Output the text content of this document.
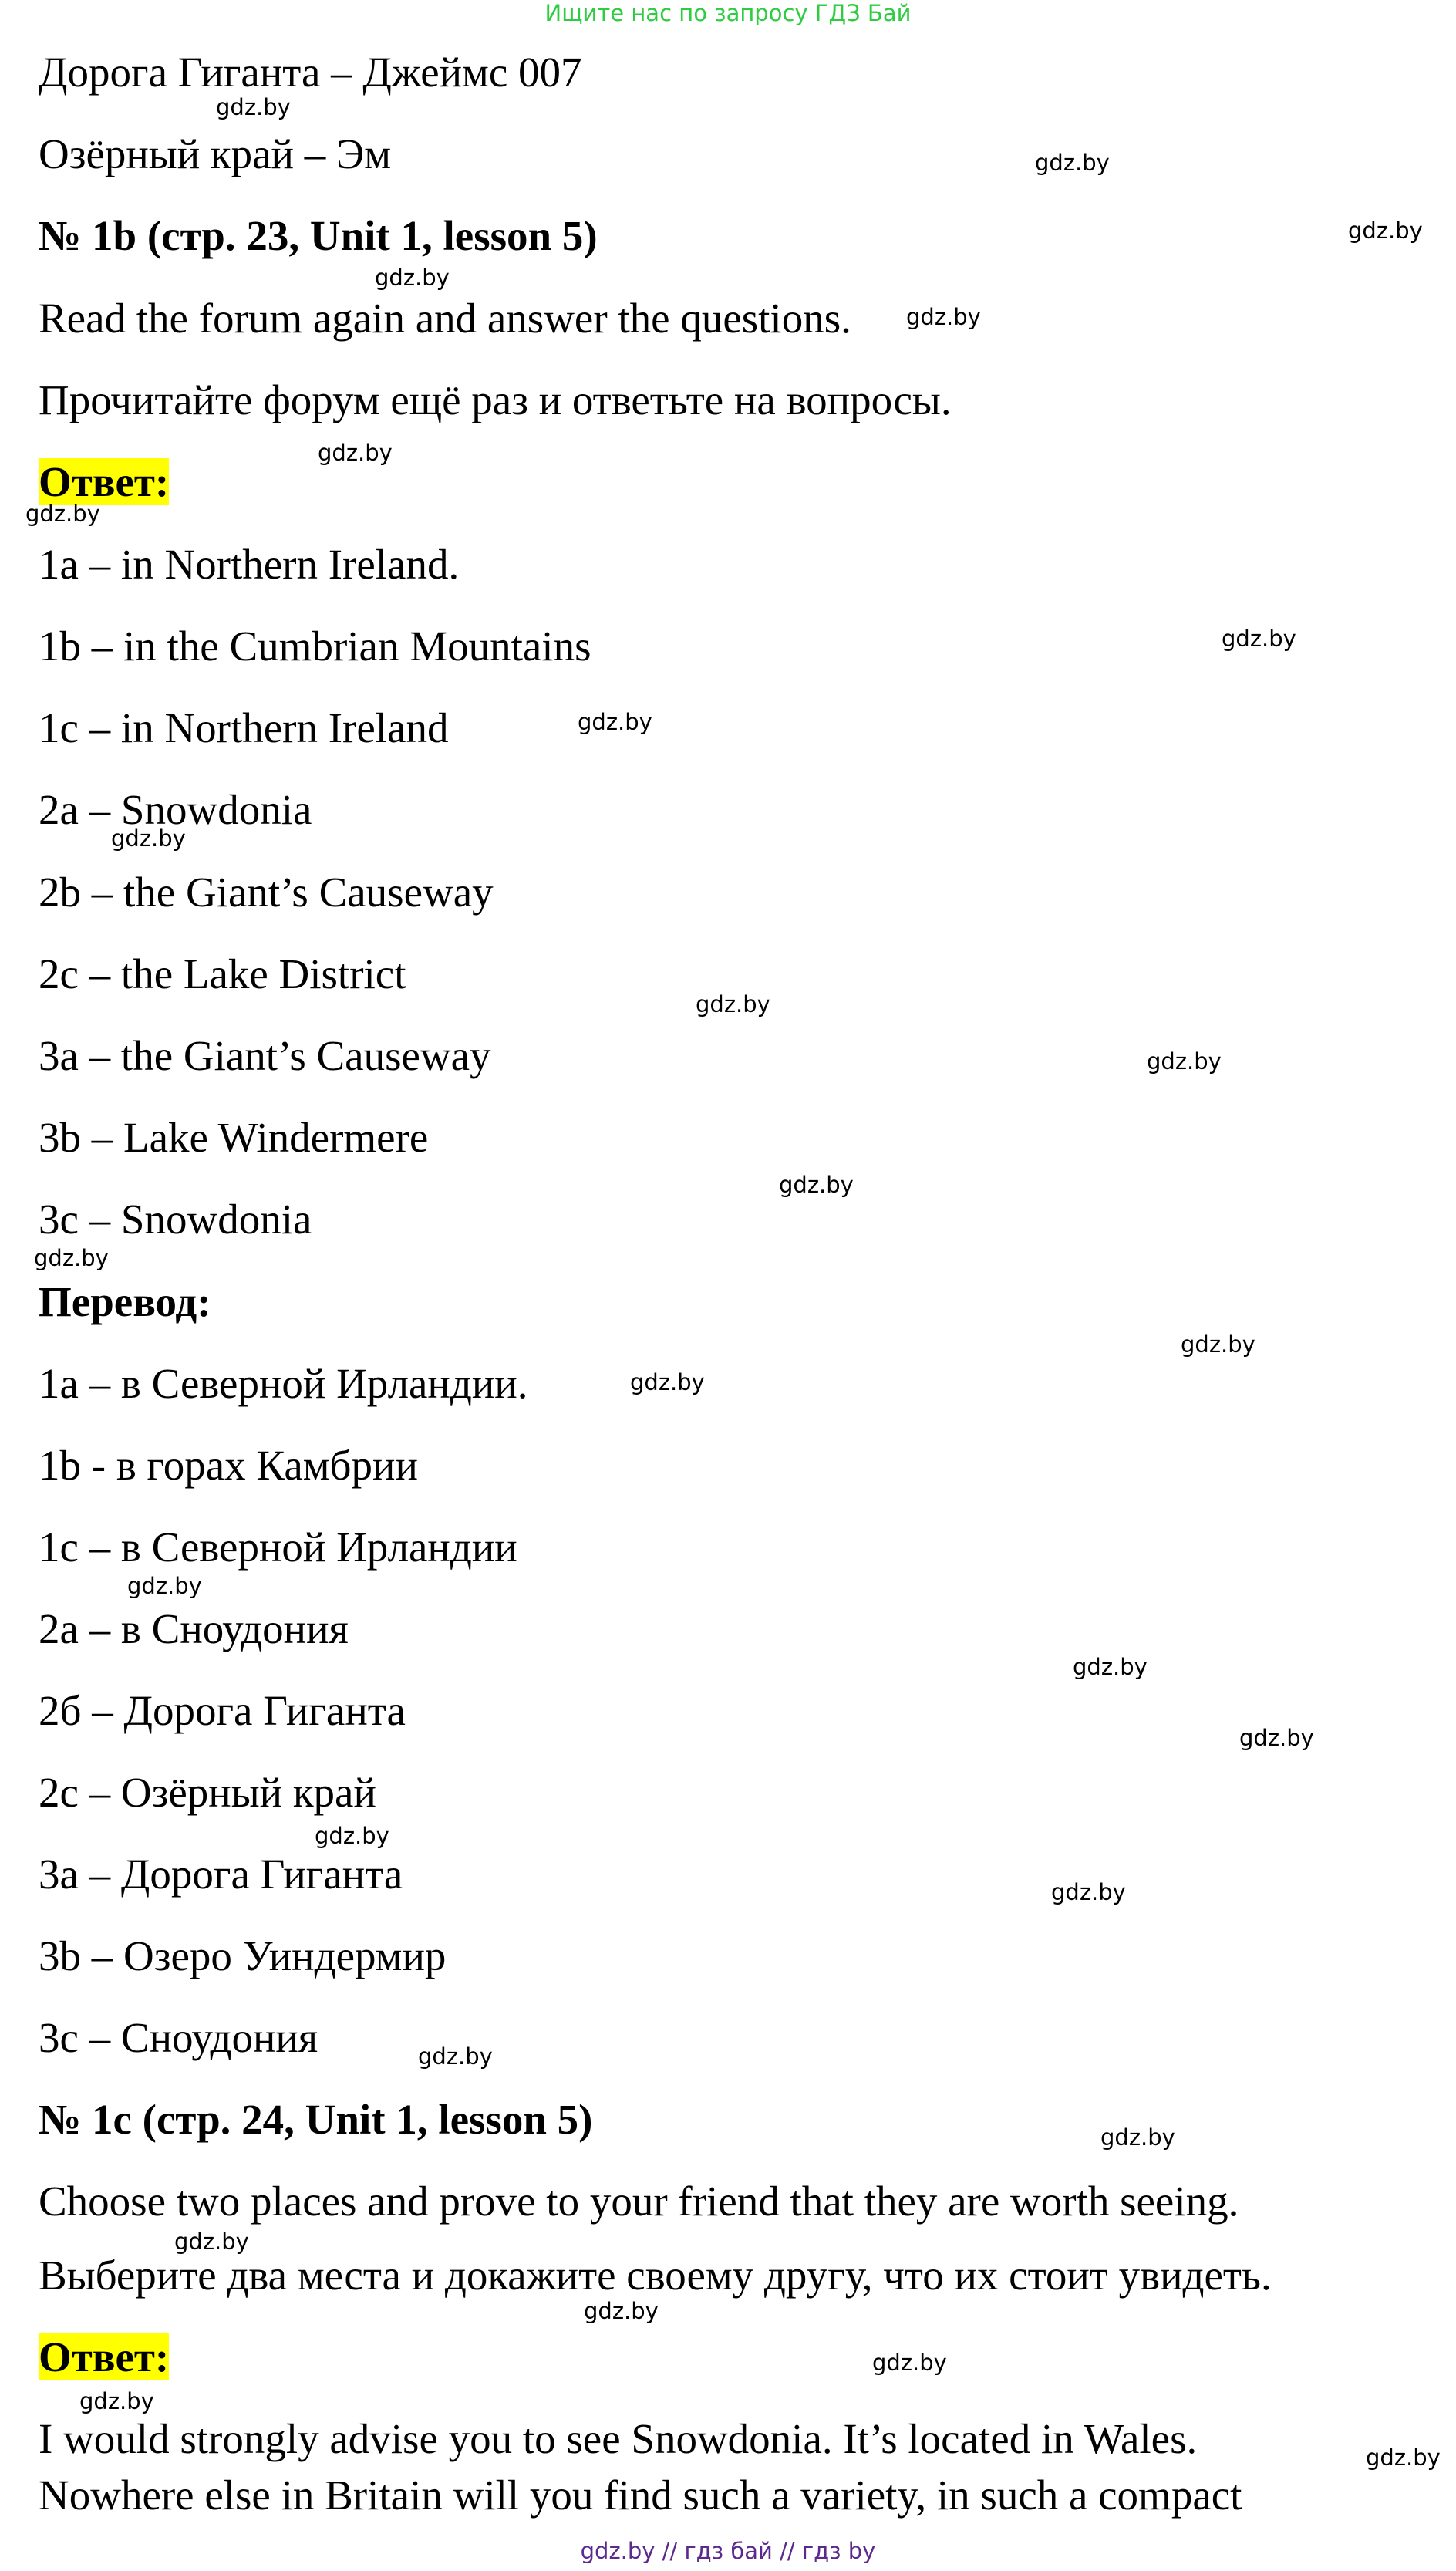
Ищите нас по запросу ГДЗ Бай
Дорога Гиганта – Джеймс 007
Озёрный край – Эм
№ 1b (стр. 23, Unit 1, lesson 5)
Read the forum again and answer the questions.
Прочитайте форум ещё раз и ответьте на вопросы.
Ответ:
1a – in Northern Ireland.
1b – in the Cumbrian Mountains
1c – in Northern Ireland
2a – Snowdonia
2b – the Giant’s Causeway
2c – the Lake District
3a – the Giant’s Causeway
3b – Lake Windermere
3c – Snowdonia
Перевод:
1a – в Северной Ирландии.
1b - в горах Камбрии
1c – в Северной Ирландии
2a – в Сноудония
2б – Дорога Гиганта
2c – Озёрный край
3a – Дорога Гиганта
3b – Озеро Уиндермир
3c – Сноудония
№ 1c (стр. 24, Unit 1, lesson 5)
Choose two places and prove to your friend that they are worth seeing.
Выберите два места и докажите своему другу, что их стоит увидеть.
Ответ:
I would strongly advise you to see Snowdonia. It’s located in Wales.
Nowhere else in Britain will you find such a variety, in such a compact
gdz.by
gdz.by
gdz.by
gdz.by
gdz.by
gdz.by
gdz.by
gdz.by
gdz.by
gdz.by
gdz.by
gdz.by
gdz.by
gdz.by
gdz.by
gdz.by
gdz.by
gdz.by
gdz.by
gdz.by
gdz.by
gdz.by
gdz.by
gdz.by
gdz.by
gdz.by
gdz.by
gdz.by
gdz.by // гдз бай // гдз by
